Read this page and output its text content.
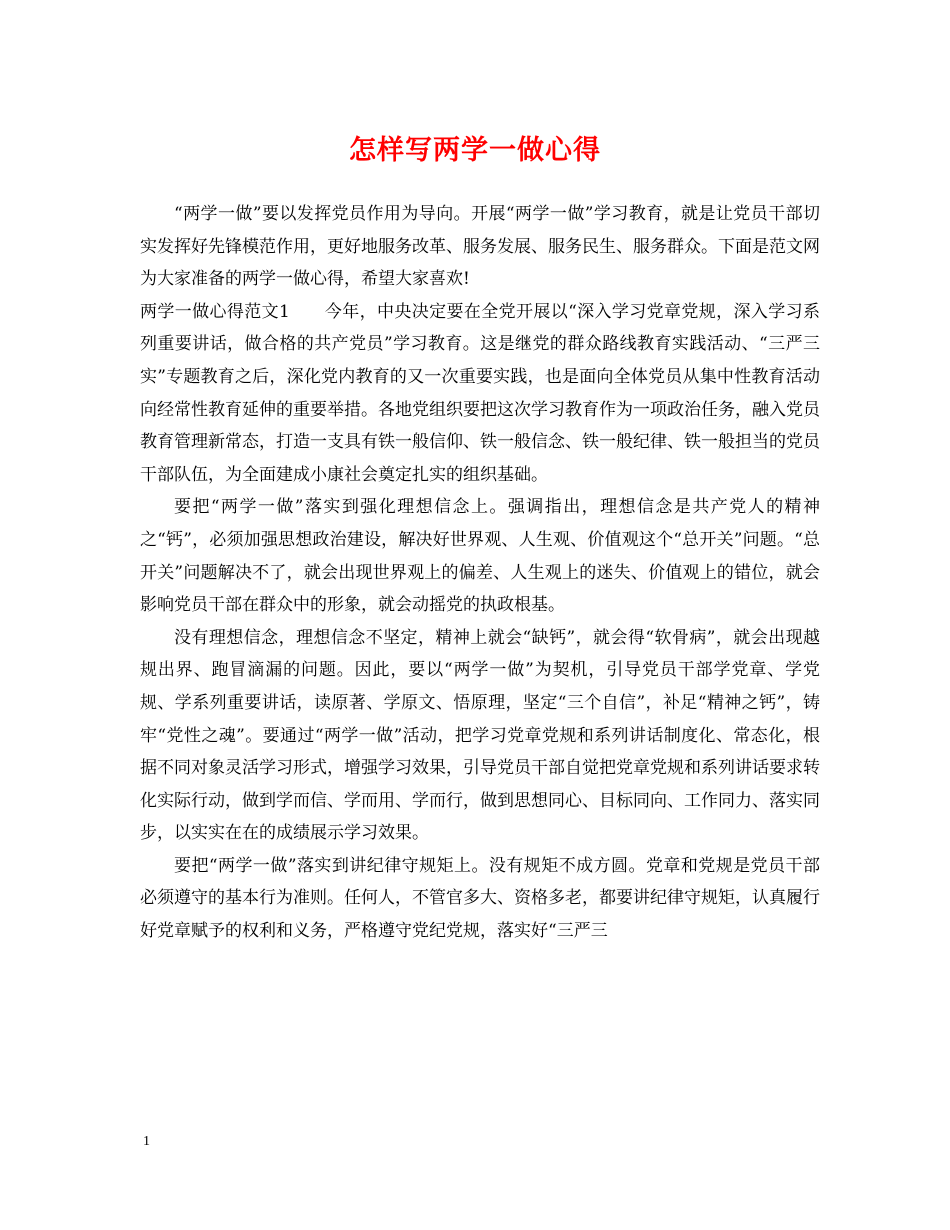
怎样写两学一做心得

“两学一做”要以发挥党员作用为导向。开展“两学一做”学习教育，就是让党员干部切实发挥好先锋模范作用，更好地服务改革、服务发展、服务民生、服务群众。下面是范文网为大家准备的两学一做心得，希望大家喜欢!

两学一做心得范文1　　今年，中央决定要在全党开展以“深入学习党章党规，深入学习系列重要讲话，做合格的共产党员”学习教育。这是继党的群众路线教育实践活动、“三严三实”专题教育之后，深化党内教育的又一次重要实践，也是面向全体党员从集中性教育活动向经常性教育延伸的重要举措。各地党组织要把这次学习教育作为一项政治任务，融入党员教育管理新常态，打造一支具有铁一般信仰、铁一般信念、铁一般纪律、铁一般担当的党员干部队伍，为全面建成小康社会奠定扎实的组织基础。

要把“两学一做”落实到强化理想信念上。强调指出，理想信念是共产党人的精神之“钙”，必须加强思想政治建设，解决好世界观、人生观、价值观这个“总开关”问题。“总开关”问题解决不了，就会出现世界观上的偏差、人生观上的迷失、价值观上的错位，就会影响党员干部在群众中的形象，就会动摇党的执政根基。

没有理想信念，理想信念不坚定，精神上就会“缺钙”，就会得“软骨病”，就会出现越规出界、跑冒滴漏的问题。因此，要以“两学一做”为契机，引导党员干部学党章、学党规、学系列重要讲话，读原著、学原文、悟原理，坚定“三个自信”，补足“精神之钙”，铸牢“党性之魂”。要通过“两学一做”活动，把学习党章党规和系列讲话制度化、常态化，根据不同对象灵活学习形式，增强学习效果，引导党员干部自觉把党章党规和系列讲话要求转化实际行动，做到学而信、学而用、学而行，做到思想同心、目标同向、工作同力、落实同步，以实实在在的成绩展示学习效果。

要把“两学一做”落实到讲纪律守规矩上。没有规矩不成方圆。党章和党规是党员干部必须遵守的基本行为准则。任何人，不管官多大、资格多老，都要讲纪律守规矩，认真履行好党章赋予的权利和义务，严格遵守党纪党规，落实好“三严三

1
